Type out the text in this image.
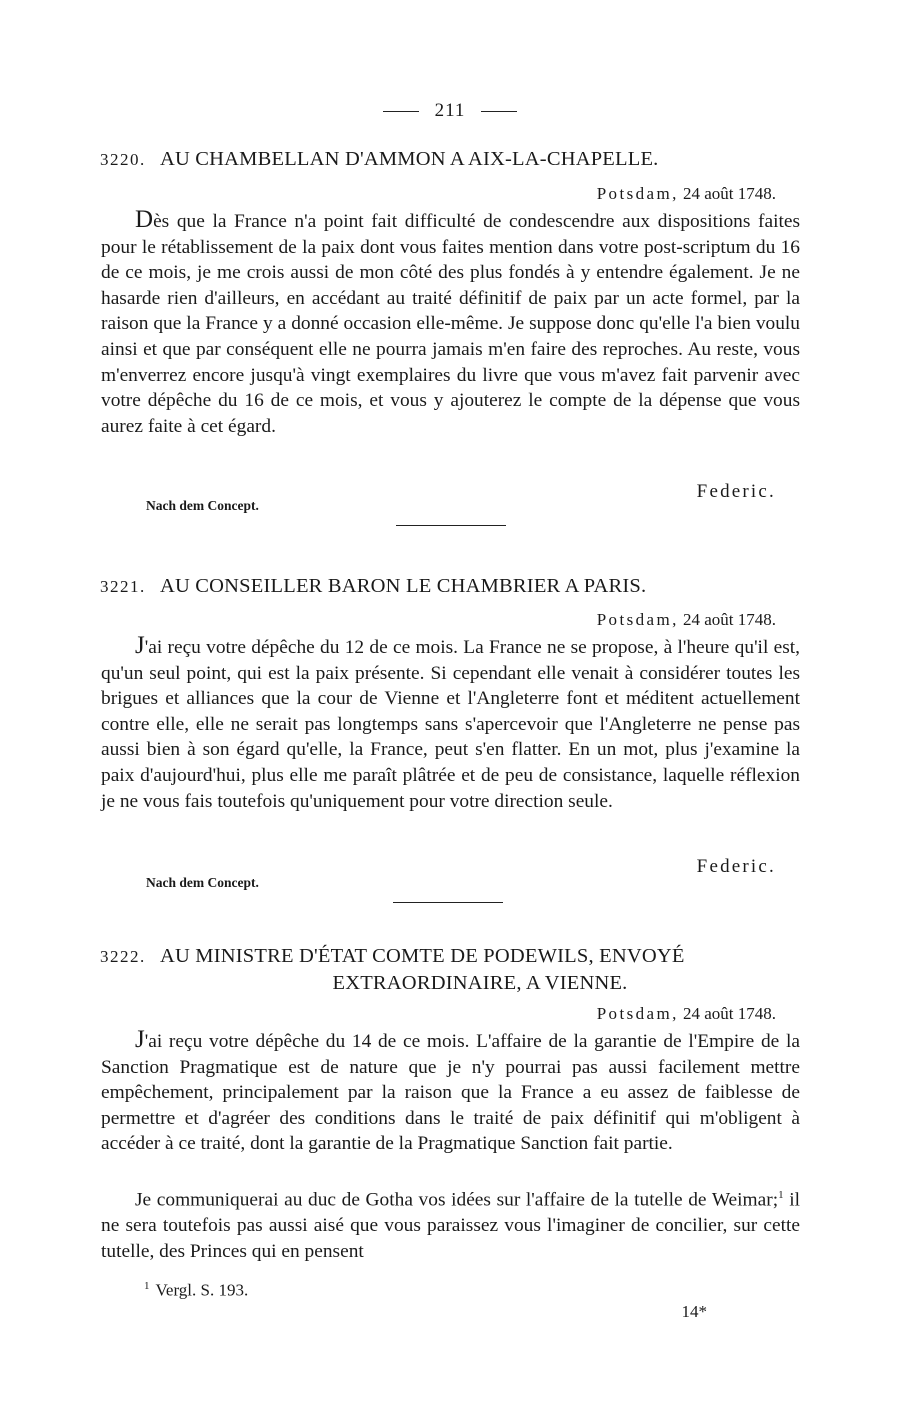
211
3220. AU CHAMBELLAN D'AMMON A AIX-LA-CHAPELLE.
Potsdam, 24 août 1748.

Dès que la France n'a point fait difficulté de condescendre aux dispositions faites pour le rétablissement de la paix dont vous faites mention dans votre post-scriptum du 16 de ce mois, je me crois aussi de mon côté des plus fondés à y entendre également. Je ne hasarde rien d'ailleurs, en accédant au traité définitif de paix par un acte formel, par la raison que la France y a donné occasion elle-même. Je suppose donc qu'elle l'a bien voulu ainsi et que par conséquent elle ne pourra jamais m'en faire des reproches. Au reste, vous m'enverrez encore jusqu'à vingt exemplaires du livre que vous m'avez fait parvenir avec votre dépêche du 16 de ce mois, et vous y ajouterez le compte de la dépense que vous aurez faite à cet égard.

Federic.
Nach dem Concept.
3221. AU CONSEILLER BARON LE CHAMBRIER A PARIS.
Potsdam, 24 août 1748.

J'ai reçu votre dépêche du 12 de ce mois. La France ne se propose, à l'heure qu'il est, qu'un seul point, qui est la paix présente. Si cependant elle venait à considérer toutes les brigues et alliances que la cour de Vienne et l'Angleterre font et méditent actuellement contre elle, elle ne serait pas longtemps sans s'apercevoir que l'Angleterre ne pense pas aussi bien à son égard qu'elle, la France, peut s'en flatter. En un mot, plus j'examine la paix d'aujourd'hui, plus elle me paraît plâtrée et de peu de consistance, laquelle réflexion je ne vous fais toutefois qu'uniquement pour votre direction seule.

Federic.
Nach dem Concept.
3222. AU MINISTRE D'ÉTAT COMTE DE PODEWILS, ENVOYÉ
EXTRAORDINAIRE, A VIENNE.
Potsdam, 24 août 1748.

J'ai reçu votre dépêche du 14 de ce mois. L'affaire de la garantie de l'Empire de la Sanction Pragmatique est de nature que je n'y pourrai pas aussi facilement mettre empêchement, principalement par la raison que la France a eu assez de faiblesse de permettre et d'agréer des conditions dans le traité de paix définitif qui m'obligent à accéder à ce traité, dont la garantie de la Pragmatique Sanction fait partie.

Je communiquerai au duc de Gotha vos idées sur l'affaire de la tutelle de Weimar;$^1$ il ne sera toutefois pas aussi aisé que vous paraissez vous l'imaginer de concilier, sur cette tutelle, des Princes qui en pensent

$^1$ Vergl. S. 193.
14*
